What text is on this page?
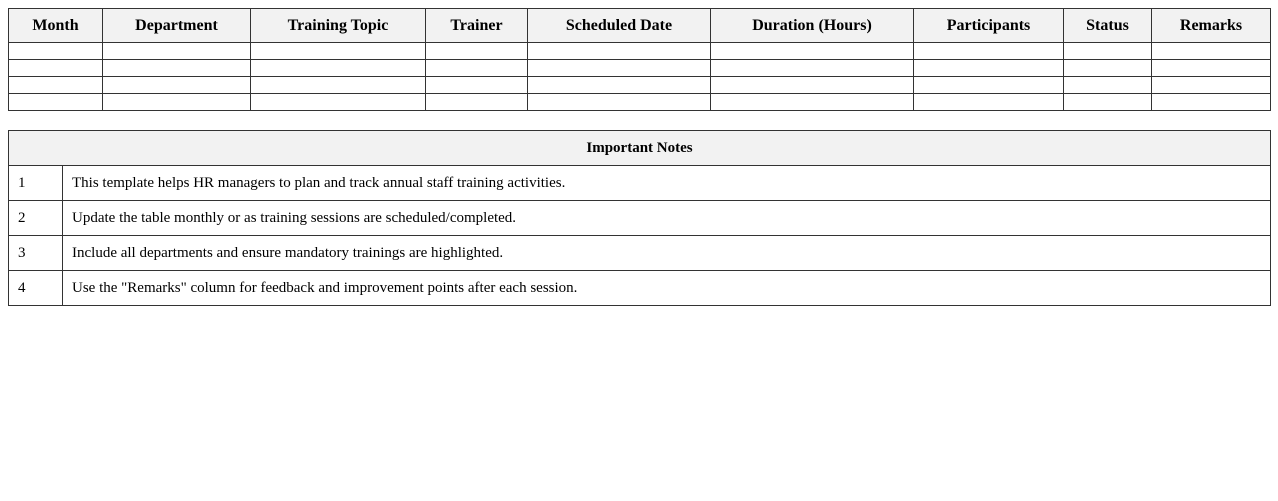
Month	Department	Training Topic	Trainer	Scheduled Date	Duration (Hours)	Participants	Status	Remarks

Important Notes	
1	This template helps HR managers to plan and track annual staff training activities.
2	Update the table monthly or as training sessions are scheduled/completed.
3	Include all departments and ensure mandatory trainings are highlighted.
4	Use the "Remarks" column for feedback and improvement points after each session.
